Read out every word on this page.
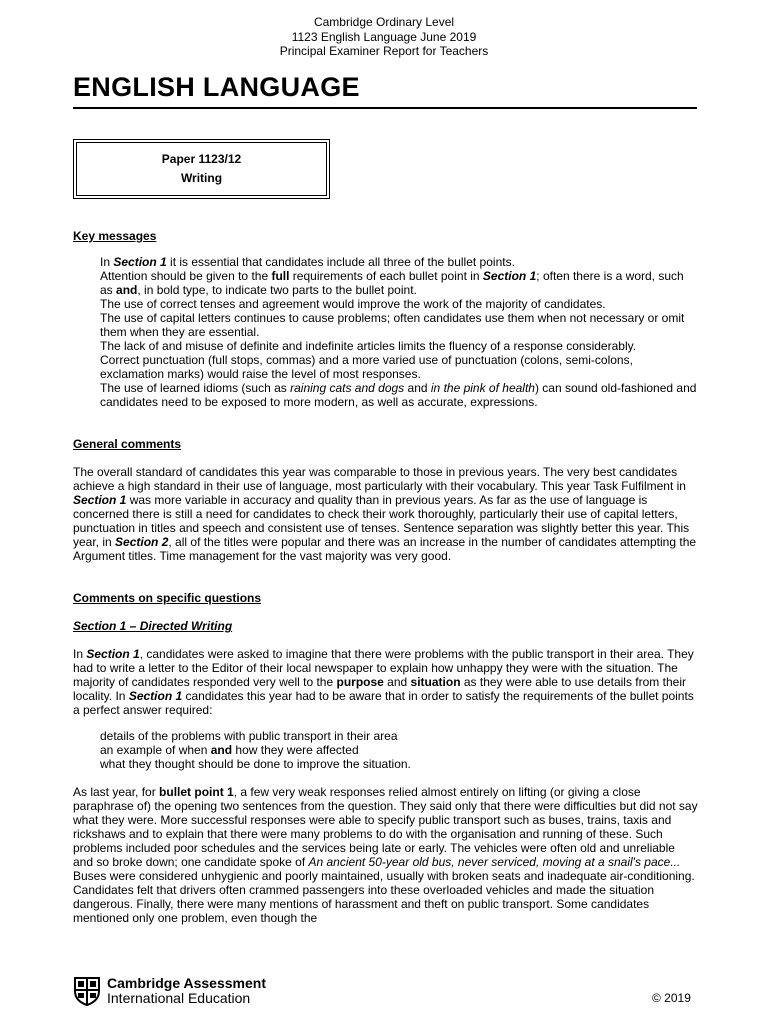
Cambridge Ordinary Level
1123 English Language June 2019
Principal Examiner Report for Teachers
ENGLISH LANGUAGE
Paper 1123/12
Writing

Key messages

In Section 1 it is essential that candidates include all three of the bullet points.

Attention should be given to the full requirements of each bullet point in Section 1; often there is a word, such as and, in bold type, to indicate two parts to the bullet point.

The use of correct tenses and agreement would improve the work of the majority of candidates.

The use of capital letters continues to cause problems; often candidates use them when not necessary or omit them when they are essential.

The lack of and misuse of definite and indefinite articles limits the fluency of a response considerably.

Correct punctuation (full stops, commas) and a more varied use of punctuation (colons, semi-colons, exclamation marks) would raise the level of most responses.

The use of learned idioms (such as raining cats and dogs and in the pink of health) can sound old-fashioned and candidates need to be exposed to more modern, as well as accurate, expressions.

General comments

The overall standard of candidates this year was comparable to those in previous years. The very best candidates achieve a high standard in their use of language, most particularly with their vocabulary. This year Task Fulfilment in Section 1 was more variable in accuracy and quality than in previous years. As far as the use of language is concerned there is still a need for candidates to check their work thoroughly, particularly their use of capital letters, punctuation in titles and speech and consistent use of tenses. Sentence separation was slightly better this year. This year, in Section 2, all of the titles were popular and there was an increase in the number of candidates attempting the Argument titles. Time management for the vast majority was very good.

Comments on specific questions

Section 1 – Directed Writing

In Section 1, candidates were asked to imagine that there were problems with the public transport in their area. They had to write a letter to the Editor of their local newspaper to explain how unhappy they were with the situation. The majority of candidates responded very well to the purpose and situation as they were able to use details from their locality. In Section 1 candidates this year had to be aware that in order to satisfy the requirements of the bullet points a perfect answer required:

details of the problems with public transport in their area

an example of when and how they were affected

what they thought should be done to improve the situation.

As last year, for bullet point 1, a few very weak responses relied almost entirely on lifting (or giving a close paraphrase of) the opening two sentences from the question. They said only that there were difficulties but did not say what they were. More successful responses were able to specify public transport such as buses, trains, taxis and rickshaws and to explain that there were many problems to do with the organisation and running of these. Such problems included poor schedules and the services being late or early. The vehicles were often old and unreliable and so broke down; one candidate spoke of An ancient 50-year old bus, never serviced, moving at a snail's pace... Buses were considered unhygienic and poorly maintained, usually with broken seats and inadequate air-conditioning. Candidates felt that drivers often crammed passengers into these overloaded vehicles and made the situation dangerous. Finally, there were many mentions of harassment and theft on public transport. Some candidates mentioned only one problem, even though the

Cambridge Assessment
International Education	© 2019
